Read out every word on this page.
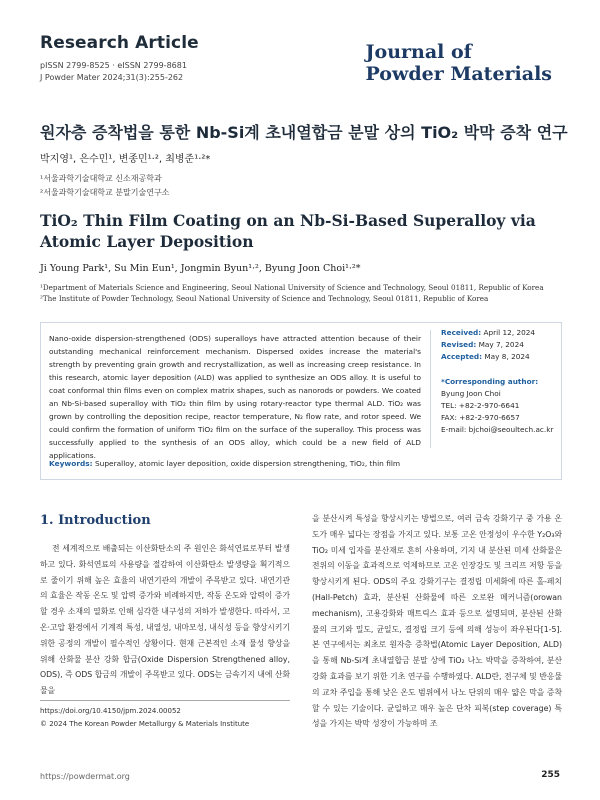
Research Article
pISSN 2799-8525 · eISSN 2799-8681
J Powder Mater 2024;31(3):255-262
Journal of
Powder Materials
원자층 증착법을 통한 Nb-Si계 초내열합금 분말 상의 TiO₂ 박막 증착 연구
박지영¹, 은수민¹, 변종민¹·², 최병준¹·²*
¹서울과학기술대학교 신소재공학과
²서울과학기술대학교 분말기술연구소
TiO₂ Thin Film Coating on an Nb-Si-Based Superalloy via Atomic Layer Deposition
Ji Young Park¹, Su Min Eun¹, Jongmin Byun¹·², Byung Joon Choi¹·²*
¹Department of Materials Science and Engineering, Seoul National University of Science and Technology, Seoul 01811, Republic of Korea
²The Institute of Powder Technology, Seoul National University of Science and Technology, Seoul 01811, Republic of Korea
Nano-oxide dispersion-strengthened (ODS) superalloys have attracted attention because of their outstanding mechanical reinforcement mechanism. Dispersed oxides increase the material's strength by preventing grain growth and recrystallization, as well as increasing creep resistance. In this research, atomic layer deposition (ALD) was applied to synthesize an ODS alloy. It is useful to coat conformal thin films even on complex matrix shapes, such as nanorods or powders. We coated an Nb-Si-based superalloy with TiO₂ thin film by using rotary-reactor type thermal ALD. TiO₂ was grown by controlling the deposition recipe, reactor temperature, N₂ flow rate, and rotor speed. We could confirm the formation of uniform TiO₂ film on the surface of the superalloy. This process was successfully applied to the synthesis of an ODS alloy, which could be a new field of ALD applications.
Keywords: Superalloy, atomic layer deposition, oxide dispersion strengthening, TiO₂, thin film
Received: April 12, 2024
Revised: May 7, 2024
Accepted: May 8, 2024
*Corresponding author:
Byung Joon Choi
TEL: +82-2-970-6641
FAX: +82-2-970-6657
E-mail: bjchoi@seoultech.ac.kr
1. Introduction
전 세계적으로 배출되는 이산화탄소의 주 원인은 화석연료로부터 발생하고 있다. 화석연료의 사용량을 절감하여 이산화탄소 발생량을 획기적으로 줄이기 위해 높은 효율의 내연기관의 개발이 주목받고 있다. 내연기관의 효율은 작동 온도 및 압력 증가와 비례하지만, 작동 온도와 압력이 증가할 경우 소재의 열화로 인해 심각한 내구성의 저하가 발생한다. 따라서, 고온·고압 환경에서 기계적 특성, 내열성, 내마모성, 내식성 등을 향상시키기 위한 공정의 개발이 필수적인 상황이다. 현재 근본적인 소재 물성 향상을 위해 산화물 분산 강화 합금(Oxide Dispersion Strengthened alloy, ODS), 즉 ODS 합금의 개발이 주목받고 있다. ODS는 금속기지 내에 산화물을
을 분산시켜 특성을 향상시키는 방법으로, 여러 금속 강화기구 중 가용 온도가 매우 넓다는 장점을 가지고 있다. 보통 고온 안정성이 우수한 Y₂O₃와 TiO₂ 미세 입자를 분산재로 흔히 사용하며, 기지 내 분산된 미세 산화물은 전위의 이동을 효과적으로 억제하므로 고온 인장강도 및 크리프 저항 등을 향상시키게 된다. ODS의 주요 강화기구는 결정립 미세화에 따른 홀-페치(Hall-Petch) 효과, 분산된 산화물에 따른 오로완 메커니즘(orowan mechanism), 고용강화와 매트릭스 효과 등으로 설명되며, 분산된 산화물의 크기와 밀도, 균일도, 결정립 크기 등에 의해 성능이 좌우된다[1-5]. 본 연구에서는 최초로 원자층 증착법(Atomic Layer Deposition, ALD)을 통해 Nb-Si계 초내열합금 분말 상에 TiO₂ 나노 박막을 증착하여, 분산 강화 효과를 보기 위한 기초 연구를 수행하였다. ALD란, 전구체 및 반응물의 교차 주입을 통해 낮은 온도 범위에서 나노 단위의 매우 얇은 막을 증착할 수 있는 기술이다. 균일하고 매우 높은 단차 피복(step coverage) 특성을 가지는 박막 성장이 가능하며 조
https://doi.org/10.4150/jpm.2024.00052
© 2024 The Korean Powder Metallurgy & Materials Institute
https://powdermat.org	255
